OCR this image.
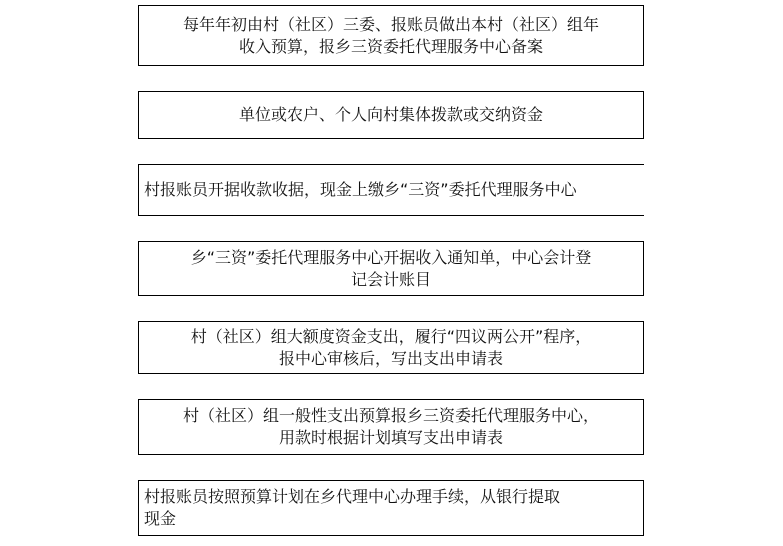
每年年初由村（社区）三委、报账员做出本村（社区）组年
收入预算，报乡三资委托代理服务中心备案
单位或农户、个人向村集体拨款或交纳资金
村报账员开据收款收据，现金上缴乡“三资”委托代理服务中心
乡“三资”委托代理服务中心开据收入通知单，中心会计登
记会计账目
村（社区）组大额度资金支出，履行“四议两公开”程序，
报中心审核后，写出支出申请表
村（社区）组一般性支出预算报乡三资委托代理服务中心，
用款时根据计划填写支出申请表
村报账员按照预算计划在乡代理中心办理手续，从银行提取
现金
